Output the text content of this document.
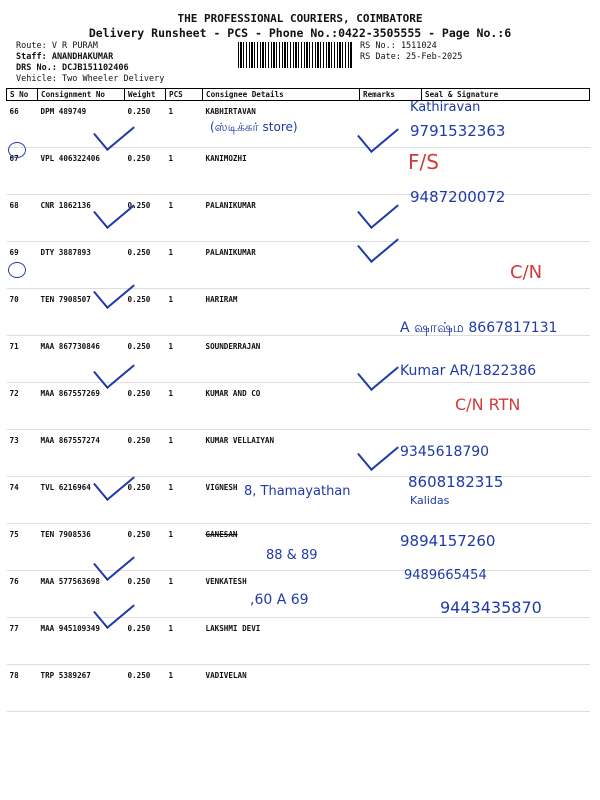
THE PROFESSIONAL COURIERS, COIMBATORE
Delivery Runsheet - PCS - Phone No.:0422-3505555 - Page No.:6
Route: V R PURAM
Staff: ANANDHAKUMAR
DRS No.: DCJB151102406
Vehicle: Two Wheeler Delivery
RS No.: 1511024
RS Date: 25-Feb-2025
S No	Consignment No	Weight	PCS	Consignee Details	Remarks	Seal & Signature
66	DPM 489749	0.250	1	KABHIRTAVAN		
67	VPL 406322406	0.250	1	KANIMOZHI		
68	CNR 1862136	0.250	1	PALANIKUMAR		
69	DTY 3887893	0.250	1	PALANIKUMAR		
70	TEN 7908507	0.250	1	HARIRAM		
71	MAA 867730846	0.250	1	SOUNDERRAJAN		
72	MAA 867557269	0.250	1	KUMAR AND CO		
73	MAA 867557274	0.250	1	KUMAR VELLAIYAN		
74	TVL 6216964	0.250	1	VIGNESH		
75	TEN 7908536	0.250	1	GANESAN		
76	MAA 577563698	0.250	1	VENKATESH		
77	MAA 945109349	0.250	1	LAKSHMI DEVI		
78	TRP 5389267	0.250	1	VADIVELAN		
Kathiravan
9791532363
(ஸ்டிக்கர் store)
F/S
9487200072
C/N
A ஷாஷ்ம 8667817131
Kumar AR/1822386
C/N RTN
9345618790
8608182315
8, Thamayathan
Kalidas
9894157260
88 & 89
9489665454
,60 A 69	9443435870
